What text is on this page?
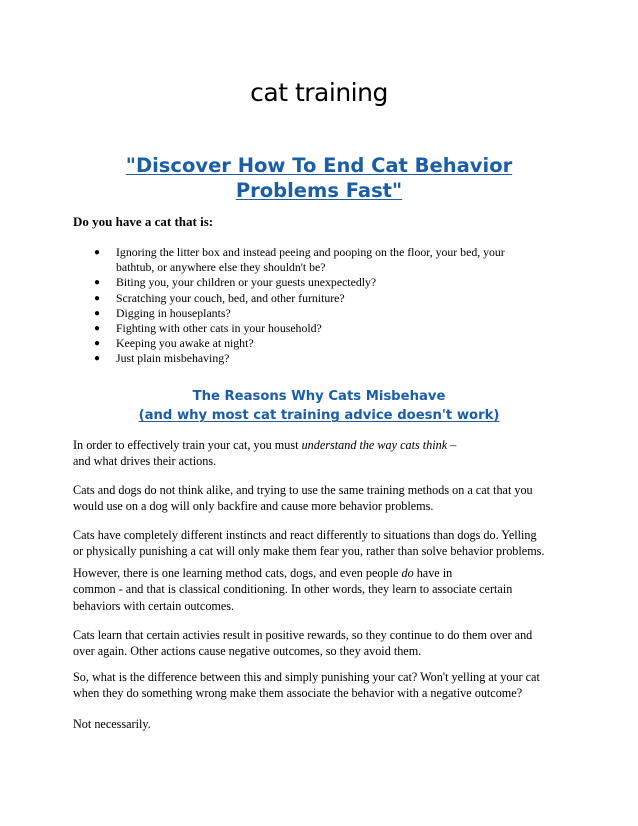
cat training
"Discover How To End Cat Behavior
Problems Fast"
Do you have a cat that is:
● Ignoring the litter box and instead peeing and pooping on the floor, your bed, your
bathtub, or anywhere else they shouldn't be?
● Biting you, your children or your guests unexpectedly?
● Scratching your couch, bed, and other furniture?
● Digging in houseplants?
● Fighting with other cats in your household?
● Keeping you awake at night?
● Just plain misbehaving?
The Reasons Why Cats Misbehave
(and why most cat training advice doesn't work)

In order to effectively train your cat, you must understand the way cats think –
and what drives their actions.

Cats and dogs do not think alike, and trying to use the same training methods on a cat that you
would use on a dog will only backfire and cause more behavior problems.

Cats have completely different instincts and react differently to situations than dogs do. Yelling
or physically punishing a cat will only make them fear you, rather than solve behavior problems.

However, there is one learning method cats, dogs, and even people do have in
common - and that is classical conditioning. In other words, they learn to associate certain
behaviors with certain outcomes.

Cats learn that certain activies result in positive rewards, so they continue to do them over and
over again. Other actions cause negative outcomes, so they avoid them.

So, what is the difference between this and simply punishing your cat? Won't yelling at your cat
when they do something wrong make them associate the behavior with a negative outcome?

Not necessarily.
